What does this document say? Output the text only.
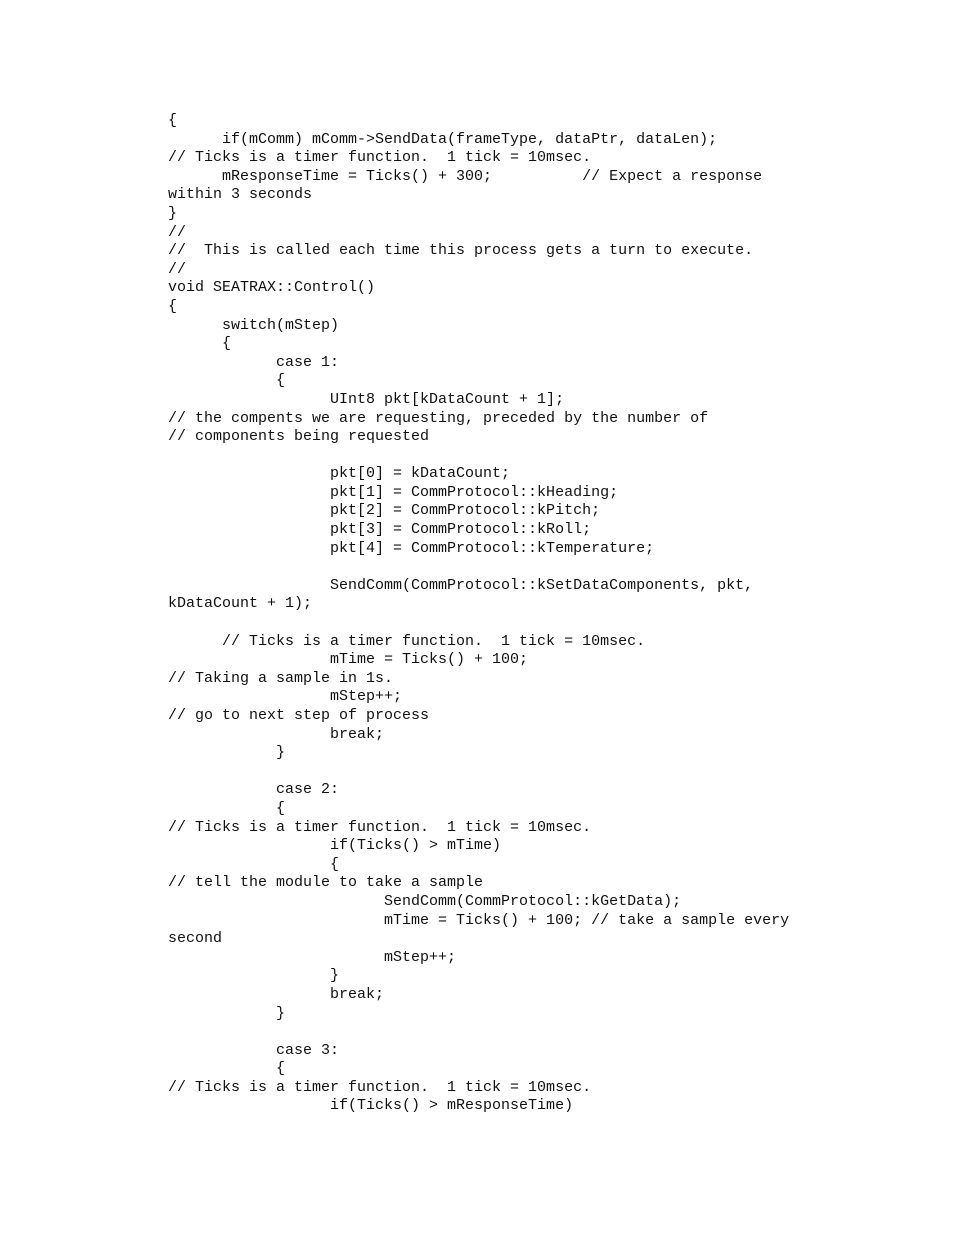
{
if(mComm) mComm->SendData(frameType, dataPtr, dataLen);
// Ticks is a timer function.  1 tick = 10msec.
mResponseTime = Ticks() + 300;          // Expect a response
within 3 seconds
}
//
//  This is called each time this process gets a turn to execute.
//
void SEATRAX::Control()
{
switch(mStep)
{
case 1:
{
UInt8 pkt[kDataCount + 1];
// the compents we are requesting, preceded by the number of
// components being requested
pkt[0] = kDataCount;
pkt[1] = CommProtocol::kHeading;
pkt[2] = CommProtocol::kPitch;
pkt[3] = CommProtocol::kRoll;
pkt[4] = CommProtocol::kTemperature;
SendComm(CommProtocol::kSetDataComponents, pkt,
kDataCount + 1);
// Ticks is a timer function.  1 tick = 10msec.
mTime = Ticks() + 100;
// Taking a sample in 1s.
mStep++;
// go to next step of process
break;
}
case 2:
{
// Ticks is a timer function.  1 tick = 10msec.
if(Ticks() > mTime)
{
// tell the module to take a sample
SendComm(CommProtocol::kGetData);
mTime = Ticks() + 100; // take a sample every
second
mStep++;
}
break;
}
case 3:
{
// Ticks is a timer function.  1 tick = 10msec.
if(Ticks() > mResponseTime)
